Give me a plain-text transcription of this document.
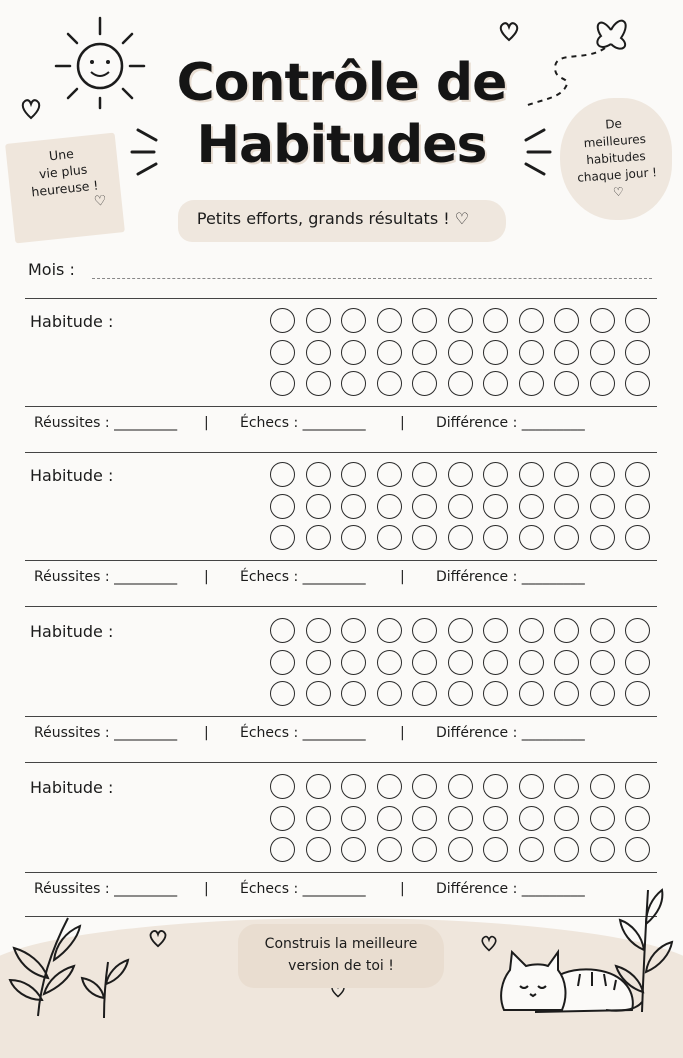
Une
vie plus
heureuse !
♡
De
meilleures
habitudes
chaque jour !
♡
Contrôle de
Habitudes
Petits efforts, grands résultats ! ♡
Mois :
Habitude :
Réussites : _________ | Échecs : _________ | Différence : _________
Habitude :
Réussites : _________ | Échecs : _________ | Différence : _________
Habitude :
Réussites : _________ | Échecs : _________ | Différence : _________
Habitude :
Réussites : _________ | Échecs : _________ | Différence : _________
Construis la meilleure
version de toi !
